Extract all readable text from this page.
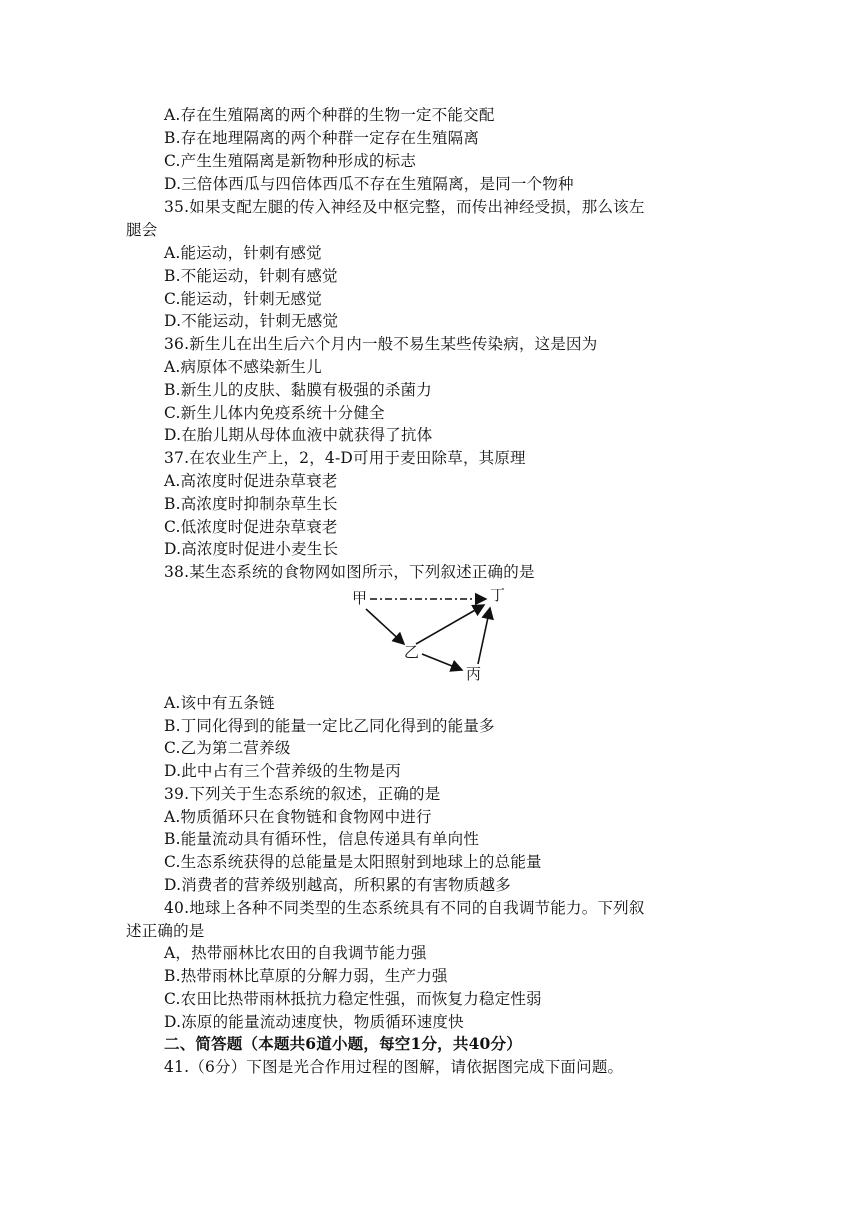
A.存在生殖隔离的两个种群的生物一定不能交配
B.存在地理隔离的两个种群一定存在生殖隔离
C.产生生殖隔离是新物种形成的标志
D.三倍体西瓜与四倍体西瓜不存在生殖隔离，是同一个物种
35.如果支配左腿的传入神经及中枢完整，而传出神经受损，那么该左
腿会
A.能运动，针刺有感觉
B.不能运动，针刺有感觉
C.能运动，针刺无感觉
D.不能运动，针刺无感觉
36.新生儿在出生后六个月内一般不易生某些传染病，这是因为
A.病原体不感染新生儿
B.新生儿的皮肤、黏膜有极强的杀菌力
C.新生儿体内免疫系统十分健全
D.在胎儿期从母体血液中就获得了抗体
37.在农业生产上，2，4-D可用于麦田除草，其原理
A.高浓度时促进杂草衰老
B.高浓度时抑制杂草生长
C.低浓度时促进杂草衰老
D.高浓度时促进小麦生长
38.某生态系统的食物网如图所示，下列叙述正确的是
甲	丁
乙
丙
A.该中有五条链
B.丁同化得到的能量一定比乙同化得到的能量多
C.乙为第二营养级
D.此中占有三个营养级的生物是丙
39.下列关于生态系统的叙述，正确的是
A.物质循环只在食物链和食物网中进行
B.能量流动具有循环性，信息传递具有单向性
C.生态系统获得的总能量是太阳照射到地球上的总能量
D.消费者的营养级别越高，所积累的有害物质越多
40.地球上各种不同类型的生态系统具有不同的自我调节能力。下列叙
述正确的是
A，热带丽林比农田的自我调节能力强
B.热带雨林比草原的分解力弱，生产力强
C.农田比热带雨林抵抗力稳定性强，而恢复力稳定性弱
D.冻原的能量流动速度快，物质循环速度快
二、简答题（本题共6道小题，每空1分，共40分）
41.（6分）下图是光合作用过程的图解，请依据图完成下面问题。
